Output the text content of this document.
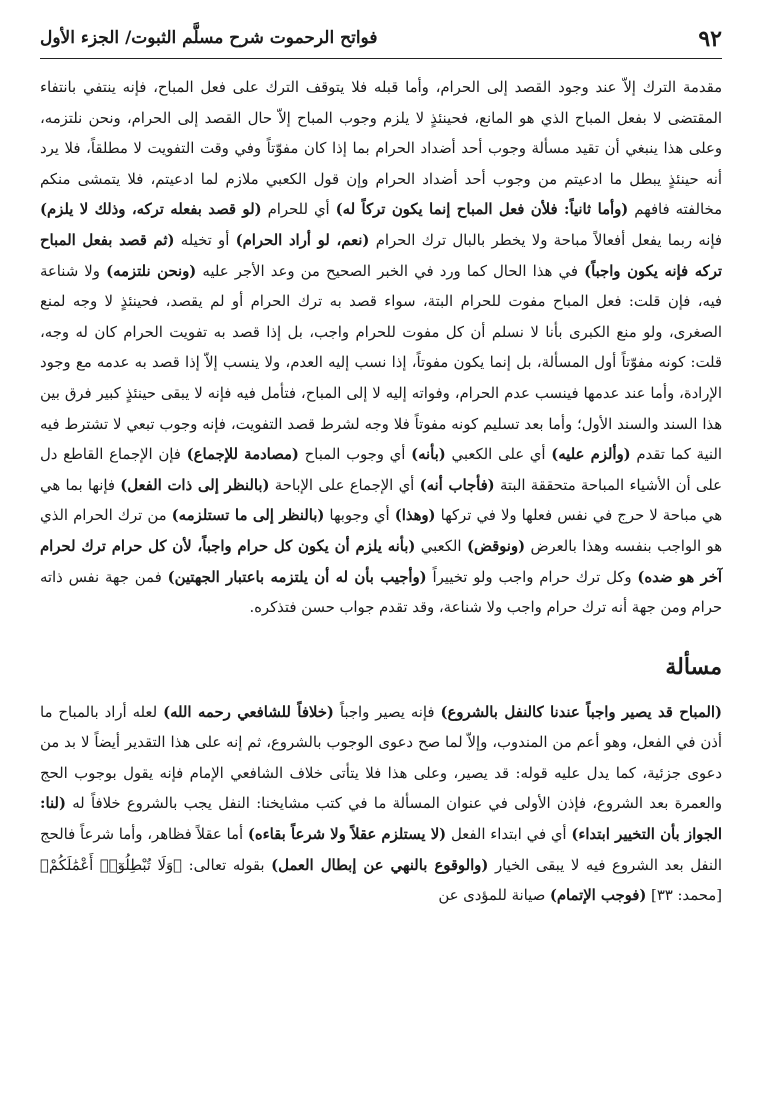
٩٢
فواتح الرحموت شرح مسلَّم الثبوت/ الجزء الأول

مقدمة الترك إلاّ عند وجود القصد إلى الحرام، وأما قبله فلا يتوقف الترك على فعل المباح، فإنه ينتفي بانتفاء المقتضى لا بفعل المباح الذي هو المانع، فحينئذٍ لا يلزم وجوب المباح إلاّ حال القصد إلى الحرام، ونحن نلتزمه، وعلى هذا ينبغي أن تقيد مسألة وجوب أحد أضداد الحرام بما إذا كان مفوّتاً وفي وقت التفويت لا مطلقاً، فلا يرد أنه حينئذٍ يبطل ما ادعيتم من وجوب أحد أضداد الحرام وإن قول الكعبي ملازم لما ادعيتم، فلا يتمشى منكم مخالفته فافهم (وأما ثانياً: فلأن فعل المباح إنما يكون تركاً له) أي للحرام (لو قصد بفعله تركه، وذلك لا يلزم) فإنه ربما يفعل أفعالاً مباحة ولا يخطر بالبال ترك الحرام (نعم، لو أراد الحرام) أو تخيله (ثم قصد بفعل المباح تركه فإنه يكون واجباً) في هذا الحال كما ورد في الخبر الصحيح من وعد الأجر عليه (ونحن نلتزمه) ولا شناعة فيه، فإن قلت: فعل المباح مفوت للحرام البتة، سواء قصد به ترك الحرام أو لم يقصد، فحينئذٍ لا وجه لمنع الصغرى، ولو منع الكبرى بأنا لا نسلم أن كل مفوت للحرام واجب، بل إذا قصد به تفويت الحرام كان له وجه، قلت: كونه مفوّتاً أول المسألة، بل إنما يكون مفوتاً، إذا نسب إليه العدم، ولا ينسب إلاّ إذا قصد به عدمه مع وجود الإرادة، وأما عند عدمها فينسب عدم الحرام، وفواته إليه لا إلى المباح، فتأمل فيه فإنه لا يبقى حينئذٍ كبير فرق بين هذا السند والسند الأول؛ وأما بعد تسليم كونه مفوتاً فلا وجه لشرط قصد التفويت، فإنه وجوب تبعي لا تشترط فيه النية كما تقدم (وألزم عليه) أي على الكعبي (بأنه) أي وجوب المباح (مصادمة للإجماع) فإن الإجماع القاطع دل على أن الأشياء المباحة متحققة البتة (فأجاب أنه) أي الإجماع على الإباحة (بالنظر إلى ذات الفعل) فإنها بما هي هي مباحة لا حرج في نفس فعلها ولا في تركها (وهذا) أي وجوبها (بالنظر إلى ما تستلزمه) من ترك الحرام الذي هو الواجب بنفسه وهذا بالعرض (ونوقض) الكعبي (بأنه يلزم أن يكون كل حرام واجباً، لأن كل حرام ترك لحرام آخر هو ضده) وكل ترك حرام واجب ولو تخييراً (وأجيب بأن له أن يلتزمه باعتبار الجهتين) فمن جهة نفس ذاته حرام ومن جهة أنه ترك حرام واجب ولا شناعة، وقد تقدم جواب حسن فتذكره.

مسألة

(المباح قد يصير واجباً عندنا كالنفل بالشروع) فإنه يصير واجباً (خلافاً للشافعي رحمه الله) لعله أراد بالمباح ما أذن في الفعل، وهو أعم من المندوب، وإلاّ لما صح دعوى الوجوب بالشروع، ثم إنه على هذا التقدير أيضاً لا بد من دعوى جزئية، كما يدل عليه قوله: قد يصير، وعلى هذا فلا يتأتى خلاف الشافعي الإمام فإنه يقول بوجوب الحج والعمرة بعد الشروع، فإذن الأولى في عنوان المسألة ما في كتب مشايخنا: النفل يجب بالشروع خلافاً له (لنا: الجواز بأن التخيير ابتداء) أي في ابتداء الفعل (لا يستلزم عقلاً ولا شرعاً بقاءه) أما عقلاً فظاهر، وأما شرعاً فالحج النفل بعد الشروع فيه لا يبقى الخيار (والوقوع بالنهي عن إبطال العمل) بقوله تعالى: ﴿وَلَا تُبْطِلُوٓا۟ أَعْمَٰلَكُمْ﴾ [محمد: ٣٣] (فوجب الإتمام) صيانة للمؤدى عن
